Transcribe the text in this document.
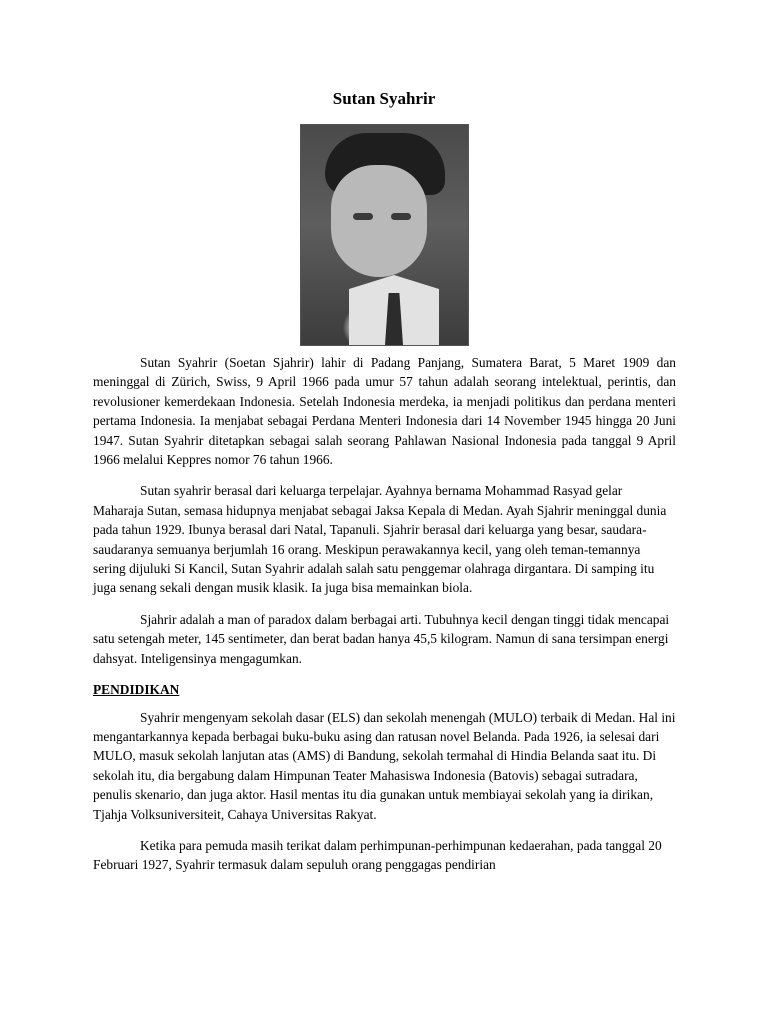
Sutan Syahrir

Sutan Syahrir (Soetan Sjahrir) lahir di Padang Panjang, Sumatera Barat, 5 Maret 1909 dan meninggal di Zürich, Swiss, 9 April 1966 pada umur 57 tahun adalah seorang intelektual, perintis, dan revolusioner kemerdekaan Indonesia. Setelah Indonesia merdeka, ia menjadi politikus dan perdana menteri pertama Indonesia. Ia menjabat sebagai Perdana Menteri Indonesia dari 14 November 1945 hingga 20 Juni 1947. Sutan Syahrir ditetapkan sebagai salah seorang Pahlawan Nasional Indonesia pada tanggal 9 April 1966 melalui Keppres nomor 76 tahun 1966.

Sutan syahrir berasal dari keluarga terpelajar. Ayahnya bernama Mohammad Rasyad gelar Maharaja Sutan, semasa hidupnya menjabat sebagai Jaksa Kepala di Medan. Ayah Sjahrir meninggal dunia pada tahun 1929. Ibunya berasal dari Natal, Tapanuli. Sjahrir berasal dari keluarga yang besar, saudara-saudaranya semuanya berjumlah 16 orang. Meskipun perawakannya kecil, yang oleh teman-temannya sering dijuluki Si Kancil, Sutan Syahrir adalah salah satu penggemar olahraga dirgantara. Di samping itu juga senang sekali dengan musik klasik. Ia juga bisa memainkan biola.

Sjahrir adalah a man of paradox dalam berbagai arti. Tubuhnya kecil dengan tinggi tidak mencapai satu setengah meter, 145 sentimeter, dan berat badan hanya 45,5 kilogram. Namun di sana tersimpan energi dahsyat. Inteligensinya mengagumkan.

PENDIDIKAN

Syahrir mengenyam sekolah dasar (ELS) dan sekolah menengah (MULO) terbaik di Medan. Hal ini mengantarkannya kepada berbagai buku-buku asing dan ratusan novel Belanda. Pada 1926, ia selesai dari MULO, masuk sekolah lanjutan atas (AMS) di Bandung, sekolah termahal di Hindia Belanda saat itu. Di sekolah itu, dia bergabung dalam Himpunan Teater Mahasiswa Indonesia (Batovis) sebagai sutradara, penulis skenario, dan juga aktor. Hasil mentas itu dia gunakan untuk membiayai sekolah yang ia dirikan, Tjahja Volksuniversiteit, Cahaya Universitas Rakyat.

Ketika para pemuda masih terikat dalam perhimpunan-perhimpunan kedaerahan, pada tanggal 20 Februari 1927, Syahrir termasuk dalam sepuluh orang penggagas pendirian
